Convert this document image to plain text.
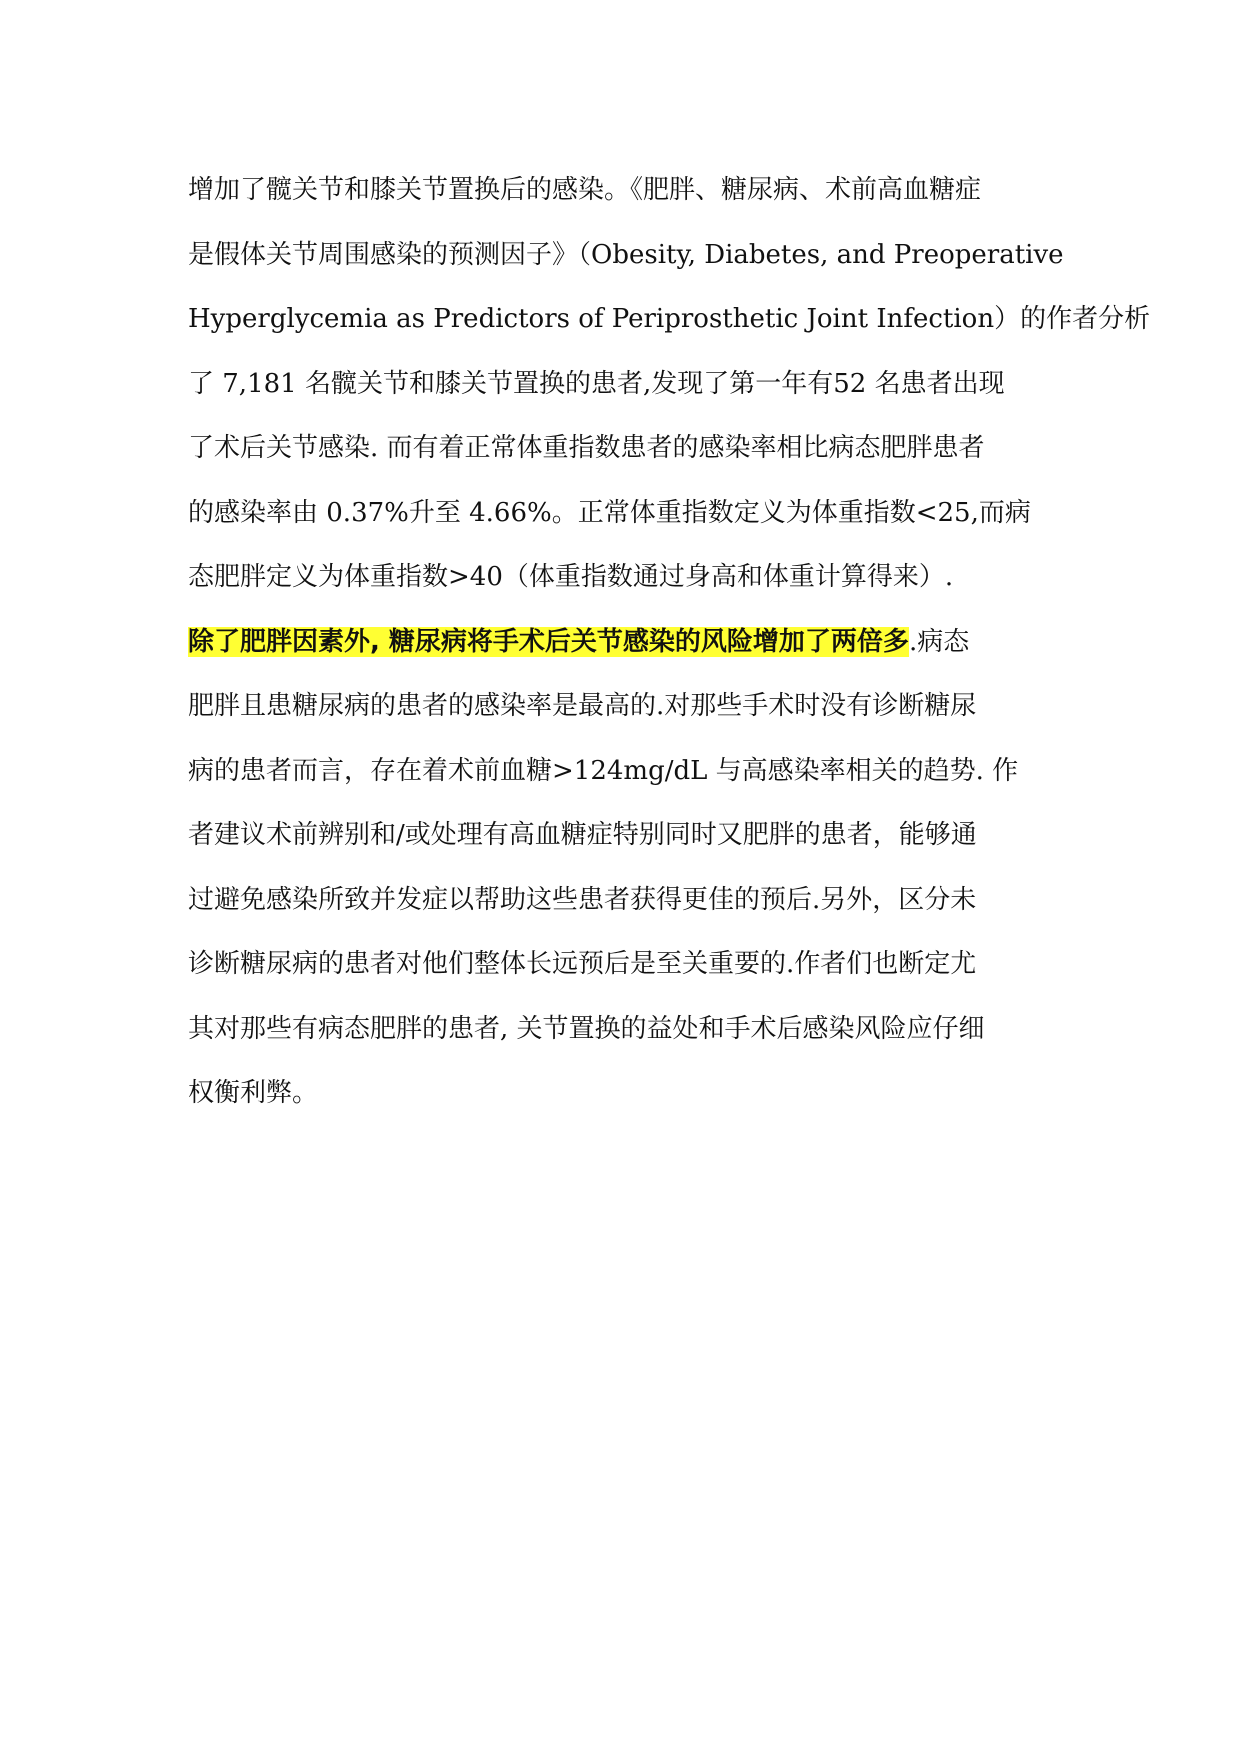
增加了髋关节和膝关节置换后的感染。《肥胖、糖尿病、术前高血糖症
是假体关节周围感染的预测因子》（Obesity, Diabetes, and Preoperative
Hyperglycemia as Predictors of Periprosthetic Joint Infection）的作者分析
了 7,181 名髋关节和膝关节置换的患者,发现了第一年有52 名患者出现
了术后关节感染. 而有着正常体重指数患者的感染率相比病态肥胖患者
的感染率由 0.37%升至 4.66%。正常体重指数定义为体重指数<25,而病
态肥胖定义为体重指数>40（体重指数通过身高和体重计算得来）.
除了肥胖因素外, 糖尿病将手术后关节感染的风险增加了两倍多.病态
肥胖且患糖尿病的患者的感染率是最高的.对那些手术时没有诊断糖尿
病的患者而言，存在着术前血糖>124mg/dL 与高感染率相关的趋势. 作
者建议术前辨别和/或处理有高血糖症特别同时又肥胖的患者，能够通
过避免感染所致并发症以帮助这些患者获得更佳的预后.另外，区分未
诊断糖尿病的患者对他们整体长远预后是至关重要的.作者们也断定尤
其对那些有病态肥胖的患者, 关节置换的益处和手术后感染风险应仔细
权衡利弊。
